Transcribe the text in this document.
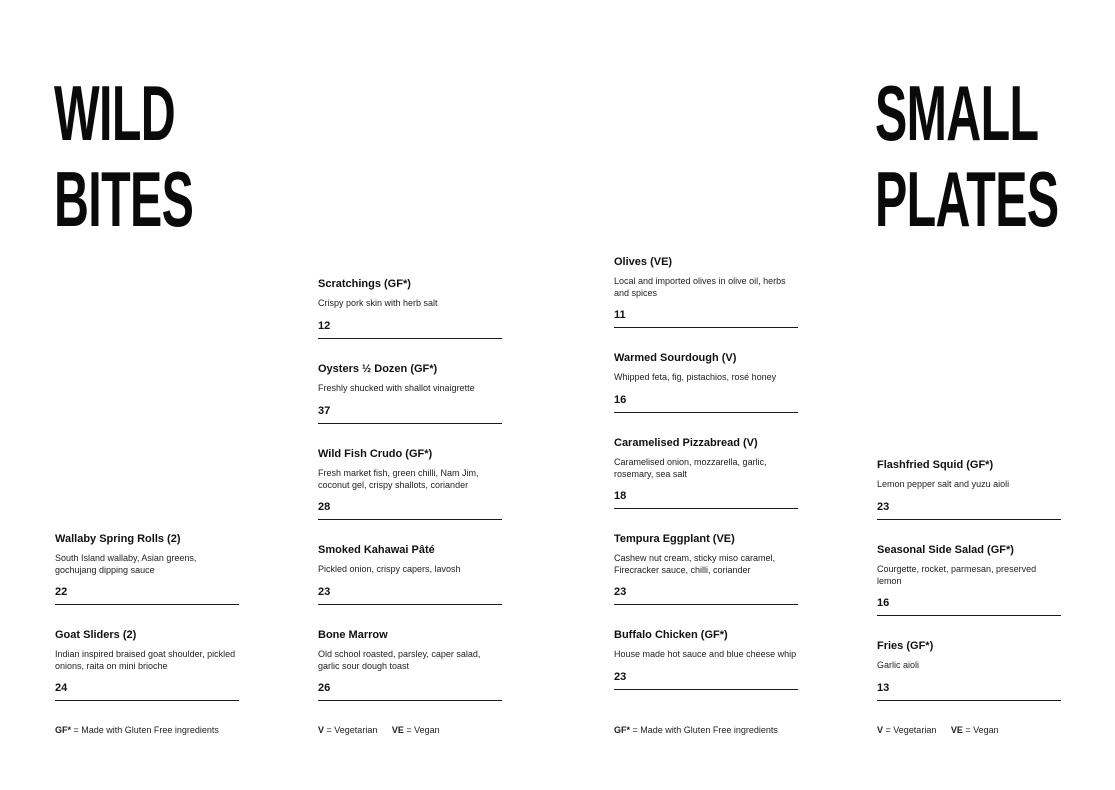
WILD
BITES
SMALL
PLATES

Wallaby Spring Rolls (2)

South Island wallaby, Asian greens, gochujang dipping sauce

22

Goat Sliders (2)

Indian inspired braised goat shoulder, pickled onions, raita on mini brioche

24

Scratchings (GF*)

Crispy pork skin with herb salt

12

Oysters ½ Dozen (GF*)

Freshly shucked with shallot vinaigrette

37

Wild Fish Crudo (GF*)

Fresh market fish, green chilli, Nam Jim, coconut gel, crispy shallots, coriander

28

Smoked Kahawai Pâté

Pickled onion, crispy capers, lavosh

23

Bone Marrow

Old school roasted, parsley, caper salad, garlic sour dough toast

26

Olives (VE)

Local and imported olives in olive oil, herbs and spices

11

Warmed Sourdough (V)

Whipped feta, fig, pistachios, rosé honey

16

Caramelised Pizzabread (V)

Caramelised onion, mozzarella, garlic, rosemary, sea salt

18

Tempura Eggplant (VE)

Cashew nut cream, sticky miso caramel, Firecracker sauce, chilli, coriander

23

Buffalo Chicken (GF*)

House made hot sauce and blue cheese whip

23

Flashfried Squid (GF*)

Lemon pepper salt and yuzu aioli

23

Seasonal Side Salad (GF*)

Courgette, rocket, parmesan, preserved lemon

16

Fries (GF*)

Garlic aioli

13

GF* = Made with Gluten Free ingredients	V = Vegetarian VE = Vegan	GF* = Made with Gluten Free ingredients	V = Vegetarian VE = Vegan
